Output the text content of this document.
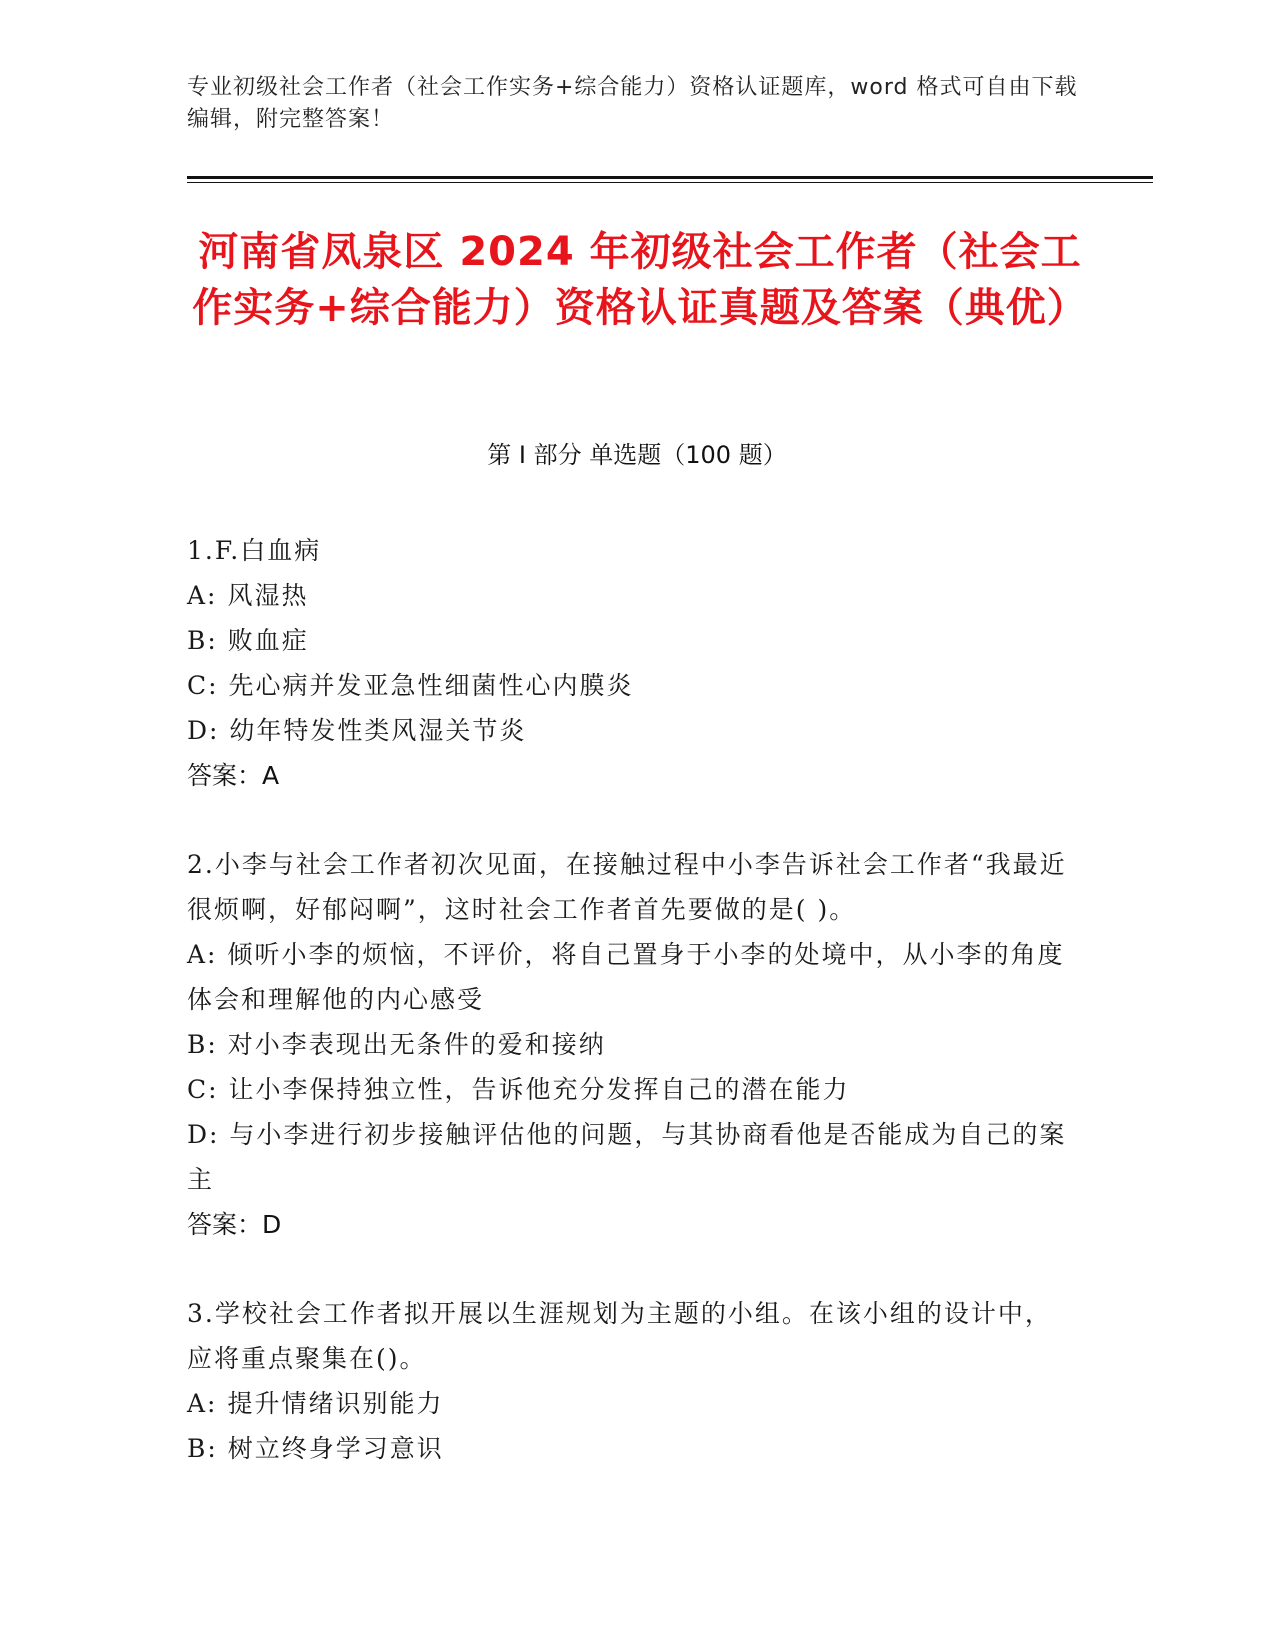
专业初级社会工作者（社会工作实务+综合能力）资格认证题库，word 格式可自由下载编辑，附完整答案！
河南省凤泉区 2024 年初级社会工作者（社会工作实务+综合能力）资格认证真题及答案（典优）
第 I 部分 单选题（100 题）
1.F.白血病
A: 风湿热
B: 败血症
C: 先心病并发亚急性细菌性心内膜炎
D: 幼年特发性类风湿关节炎
答案：A
2.小李与社会工作者初次见面，在接触过程中小李告诉社会工作者“我最近很烦啊，好郁闷啊”，这时社会工作者首先要做的是( )。
A: 倾听小李的烦恼，不评价，将自己置身于小李的处境中，从小李的角度体会和理解他的内心感受
B: 对小李表现出无条件的爱和接纳
C: 让小李保持独立性，告诉他充分发挥自己的潜在能力
D: 与小李进行初步接触评估他的问题，与其协商看他是否能成为自己的案主
答案：D
3.学校社会工作者拟开展以生涯规划为主题的小组。在该小组的设计中，应将重点聚集在()。
A: 提升情绪识别能力
B: 树立终身学习意识
